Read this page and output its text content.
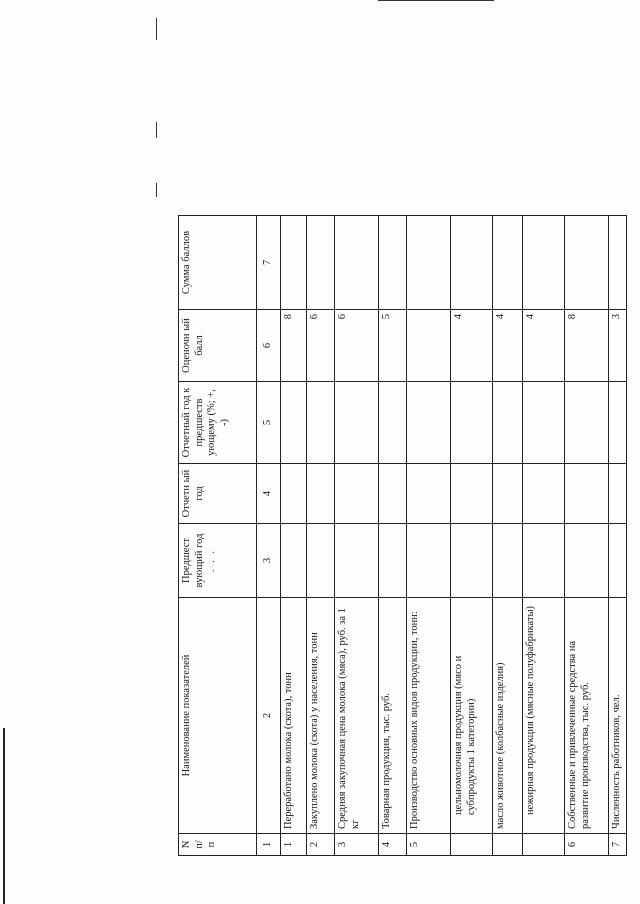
N п/п	Наименование показателей	Предшест вующий год . . .	Отчетн ый год	Отчетный год к предшеств ующему (%; +, -)	Оценочн ый балл	Сумма баллов
1	2	3	4	5	6	7
1	Переработано молока (скота), тонн				8	
2	Закуплено молока (скота) у населения, тонн				6	
3	Средняя закупочная цена молока (мяса), руб. за 1 кг				6	
4	Товарная продукция, тыс. руб.				5	
5	Производство основных видов продукции, тонн:					
	цельномолочная продукция (мясо и субпродукты 1 категории)				4	
	масло животное (колбасные изделия)				4	
	нежирная продукция (мясные полуфабрикаты)				4	
6	Собственные и привлеченные средства на развитие производства, тыс. руб.				8	
7	Численность работников, чел.				3	
